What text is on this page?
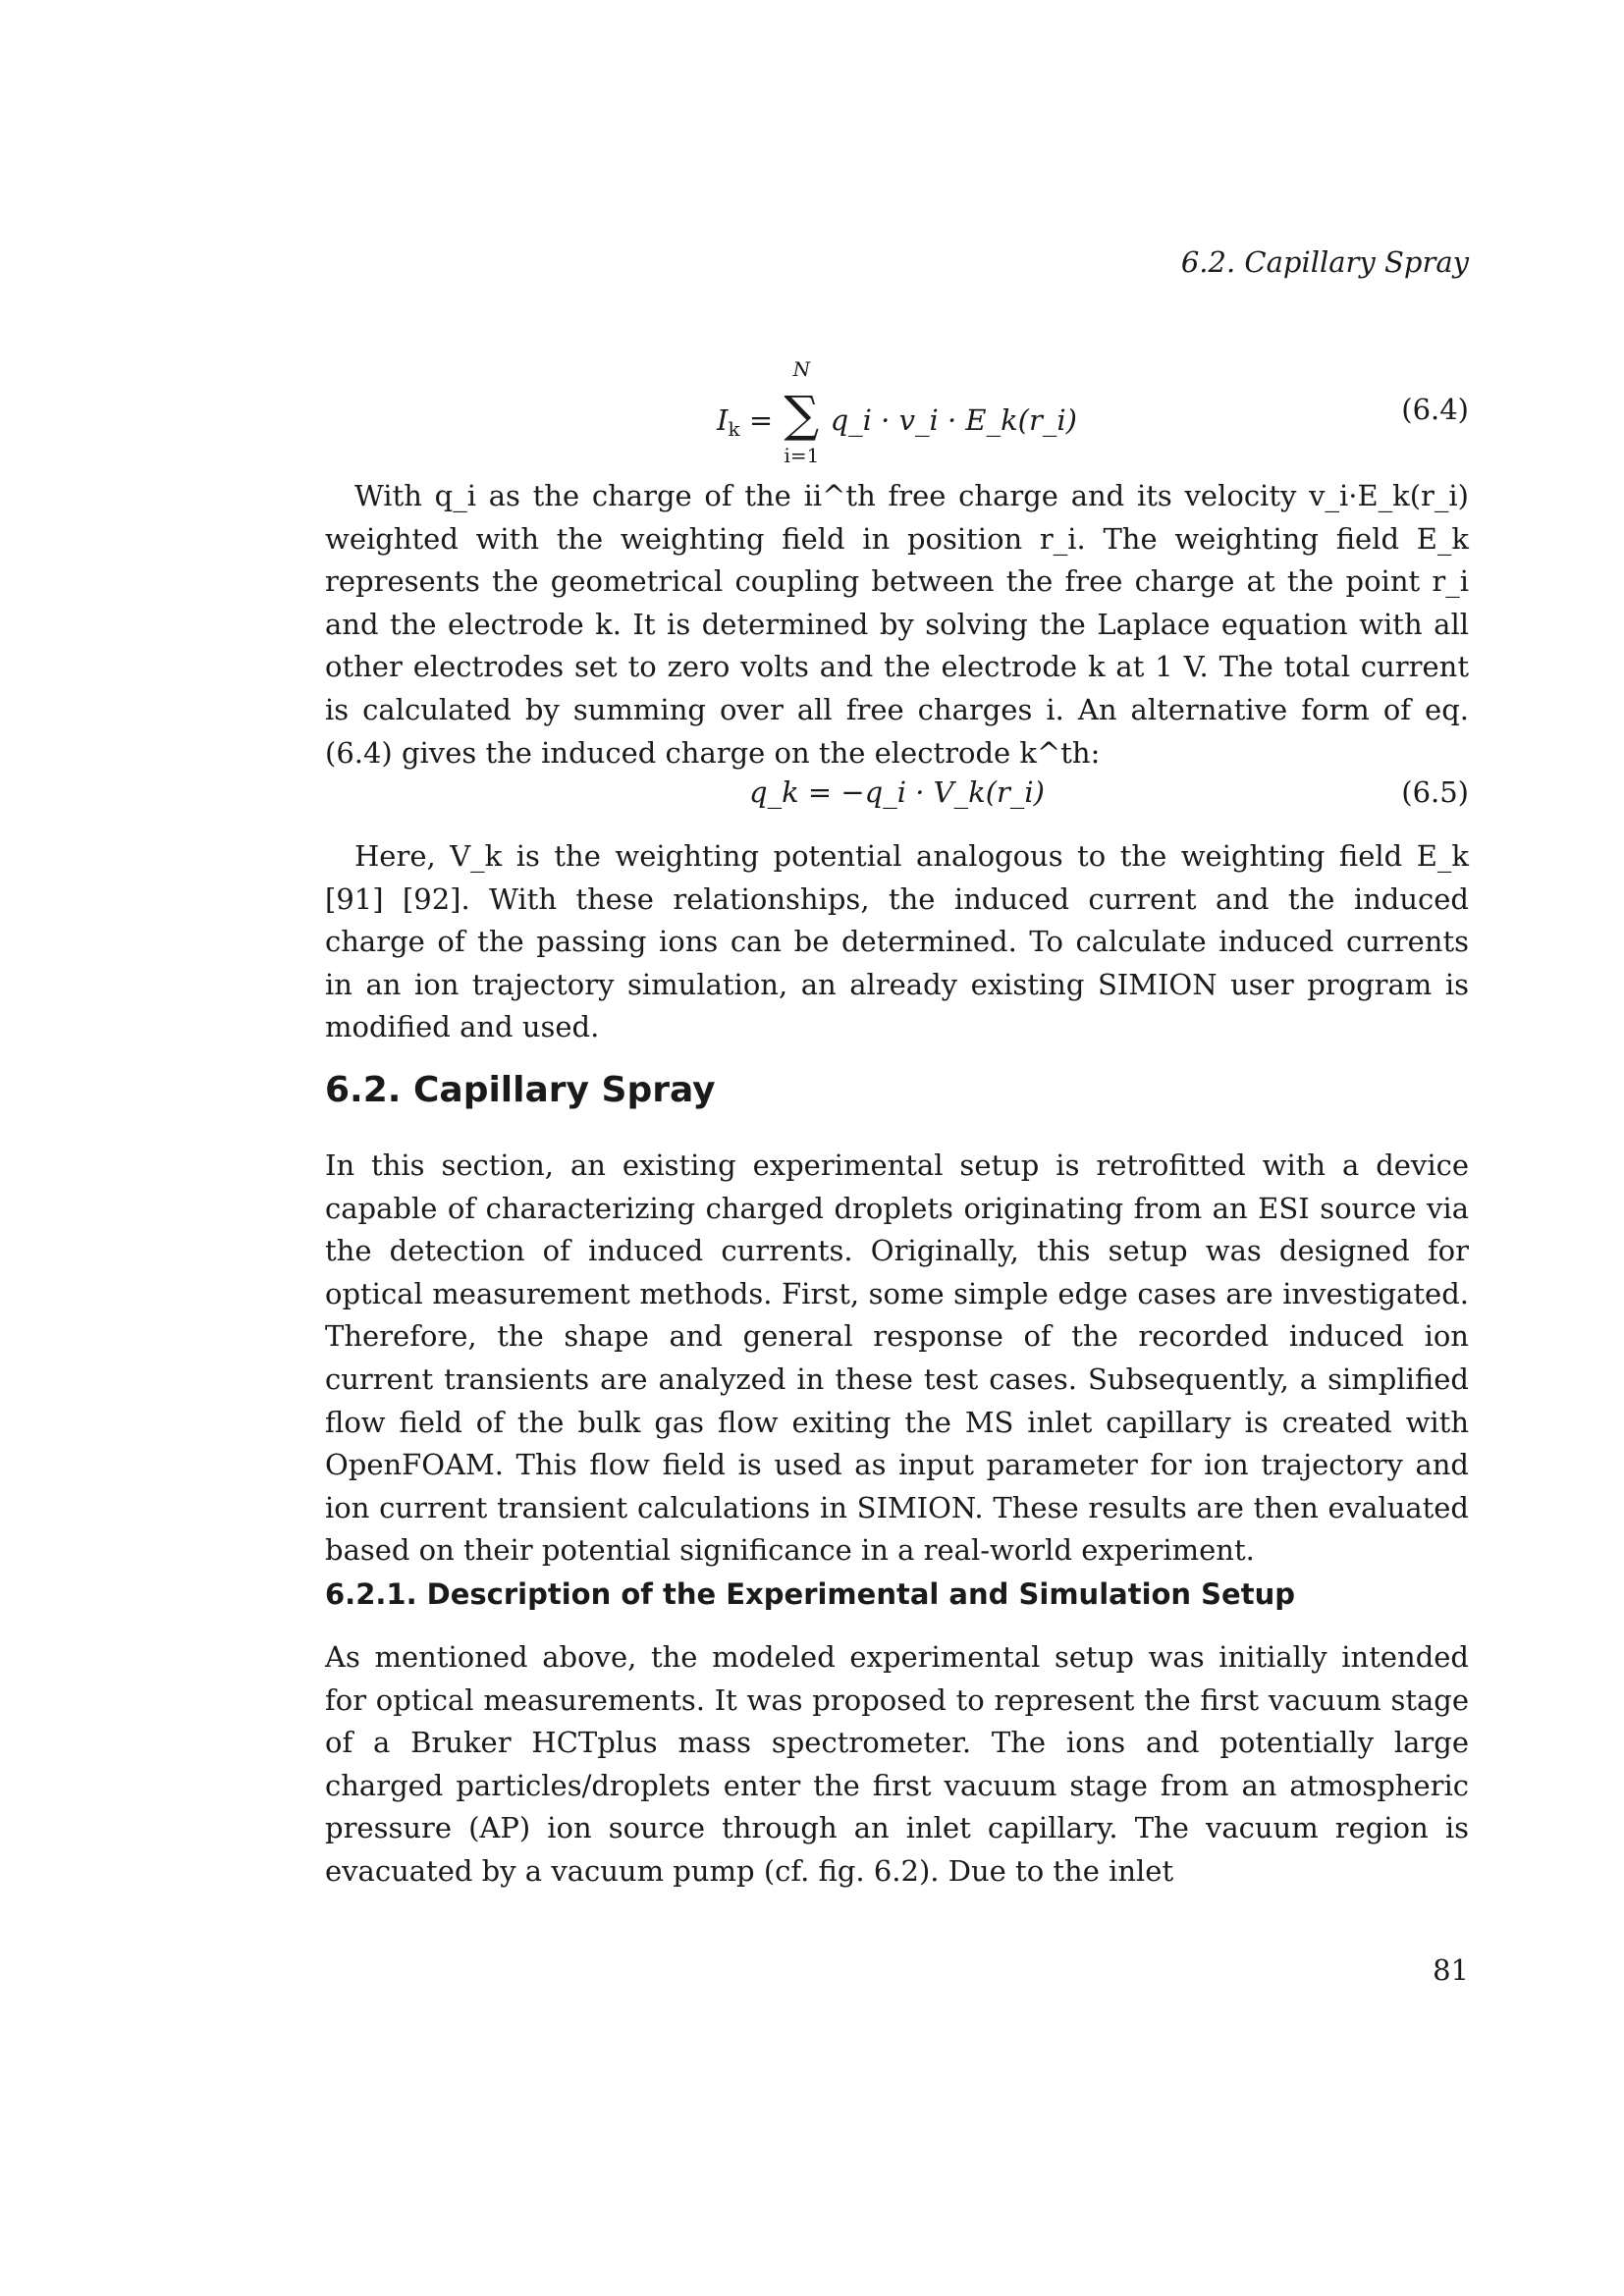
6.2. Capillary Spray
$I_k$ =
N
∑
i=1
q_i · v_i · E_k(r_i)	(6.4)

With q_i as the charge of the ii^th free charge and its velocity v_i·E_k(r_i) weighted with the weighting field in position r_i. The weighting field E_k represents the geometrical coupling between the free charge at the point r_i and the electrode k. It is determined by solving the Laplace equation with all other electrodes set to zero volts and the electrode k at 1 V. The total current is calculated by summing over all free charges i. An alternative form of eq. (6.4) gives the induced charge on the electrode k^th:

q_k = −q_i · V_k(r_i)	(6.5)

Here, V_k is the weighting potential analogous to the weighting field E_k [91] [92]. With these relationships, the induced current and the induced charge of the passing ions can be determined. To calculate induced currents in an ion trajectory simulation, an already existing SIMION user program is modified and used.

6.2. Capillary Spray

In this section, an existing experimental setup is retrofitted with a device capable of characterizing charged droplets originating from an ESI source via the detection of induced currents. Originally, this setup was designed for optical measurement methods. First, some simple edge cases are investigated. Therefore, the shape and general response of the recorded induced ion current transients are analyzed in these test cases. Subsequently, a simplified flow field of the bulk gas flow exiting the MS inlet capillary is created with OpenFOAM. This flow field is used as input parameter for ion trajectory and ion current transient calculations in SIMION. These results are then evaluated based on their potential significance in a real-world experiment.

6.2.1. Description of the Experimental and Simulation Setup

As mentioned above, the modeled experimental setup was initially intended for optical measurements. It was proposed to represent the first vacuum stage of a Bruker HCTplus mass spectrometer. The ions and potentially large charged particles/droplets enter the first vacuum stage from an atmospheric pressure (AP) ion source through an inlet capillary. The vacuum region is evacuated by a vacuum pump (cf. fig. 6.2). Due to the inlet

81
